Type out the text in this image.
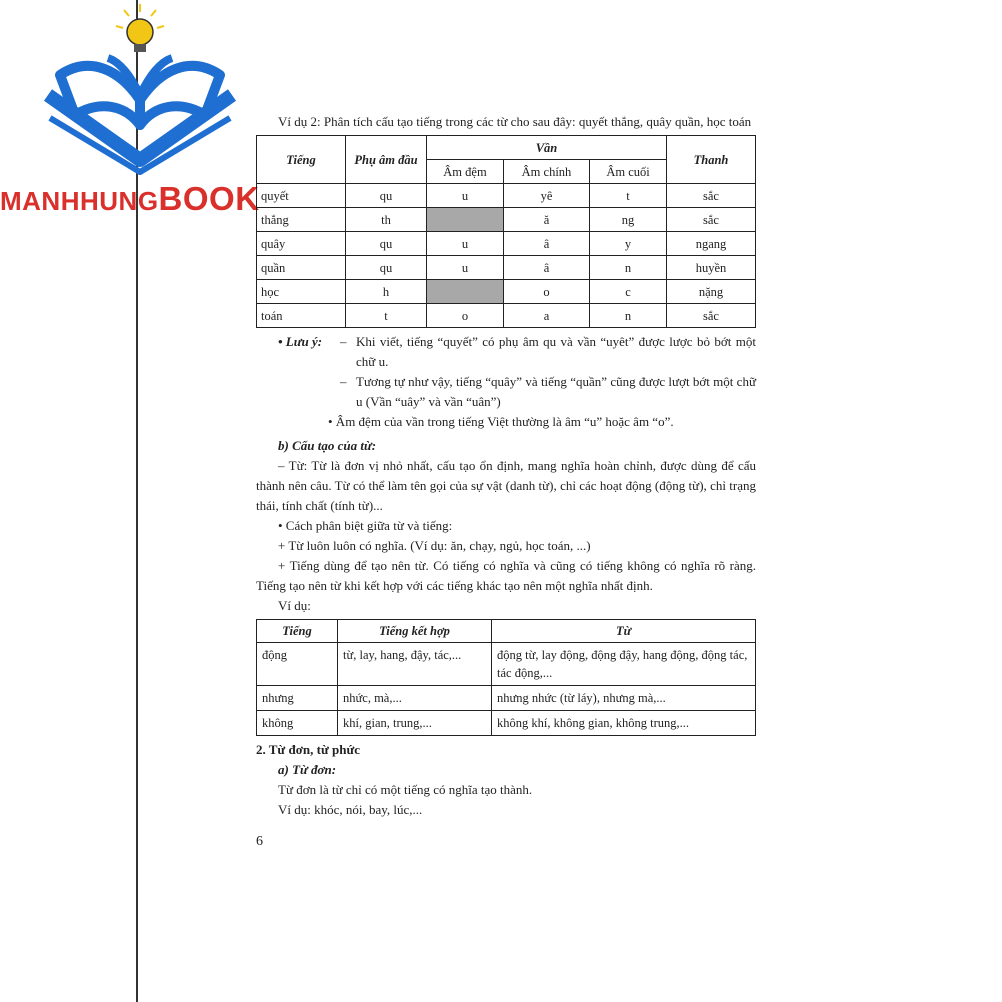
MANHHUNGBOOK

Ví dụ 2: Phân tích cấu tạo tiếng trong các từ cho sau đây: quyết thắng, quây quần, học toán

Tiếng	Phụ âm đầu	Vần			Thanh
		Âm đệm	Âm chính	Âm cuối	
quyết	qu	u	yê	t	sắc
thắng	th		ă	ng	sắc
quây	qu	u	â	y	ngang
quần	qu	u	â	n	huyền
học	h		o	c	nặng
toán	t	o	a	n	sắc
• Lưu ý:	– Khi viết, tiếng “quyết” có phụ âm qu và vần “uyêt” được lược bỏ bớt một chữ u.
– Tương tự như vậy, tiếng “quây” và tiếng “quần” cũng được lượt bớt một chữ u (Vần “uây” và vần “uân”)

• Âm đệm của vần trong tiếng Việt thường là âm “u” hoặc âm “o”.

b) Cấu tạo của từ:

– Từ: Từ là đơn vị nhỏ nhất, cấu tạo ổn định, mang nghĩa hoàn chỉnh, được dùng để cấu thành nên câu. Từ có thể làm tên gọi của sự vật (danh từ), chỉ các hoạt động (động từ), chỉ trạng thái, tính chất (tính từ)...

• Cách phân biệt giữa từ và tiếng:

+ Từ luôn luôn có nghĩa. (Ví dụ: ăn, chạy, ngủ, học toán, ...)

+ Tiếng dùng để tạo nên từ. Có tiếng có nghĩa và cũng có tiếng không có nghĩa rõ ràng. Tiếng tạo nên từ khi kết hợp với các tiếng khác tạo nên một nghĩa nhất định.

Ví dụ:

Tiếng	Tiếng kết hợp	Từ
động	từ, lay, hang, đậy, tác,...	động từ, lay động, động đậy, hang động, động tác, tác động,...
nhưng	nhức, mà,...	nhưng nhức (từ láy), nhưng mà,...
không	khí, gian, trung,...	không khí, không gian, không trung,...

2. Từ đơn, từ phức

a) Từ đơn:

Từ đơn là từ chỉ có một tiếng có nghĩa tạo thành.

Ví dụ: khóc, nói, bay, lúc,...

6
